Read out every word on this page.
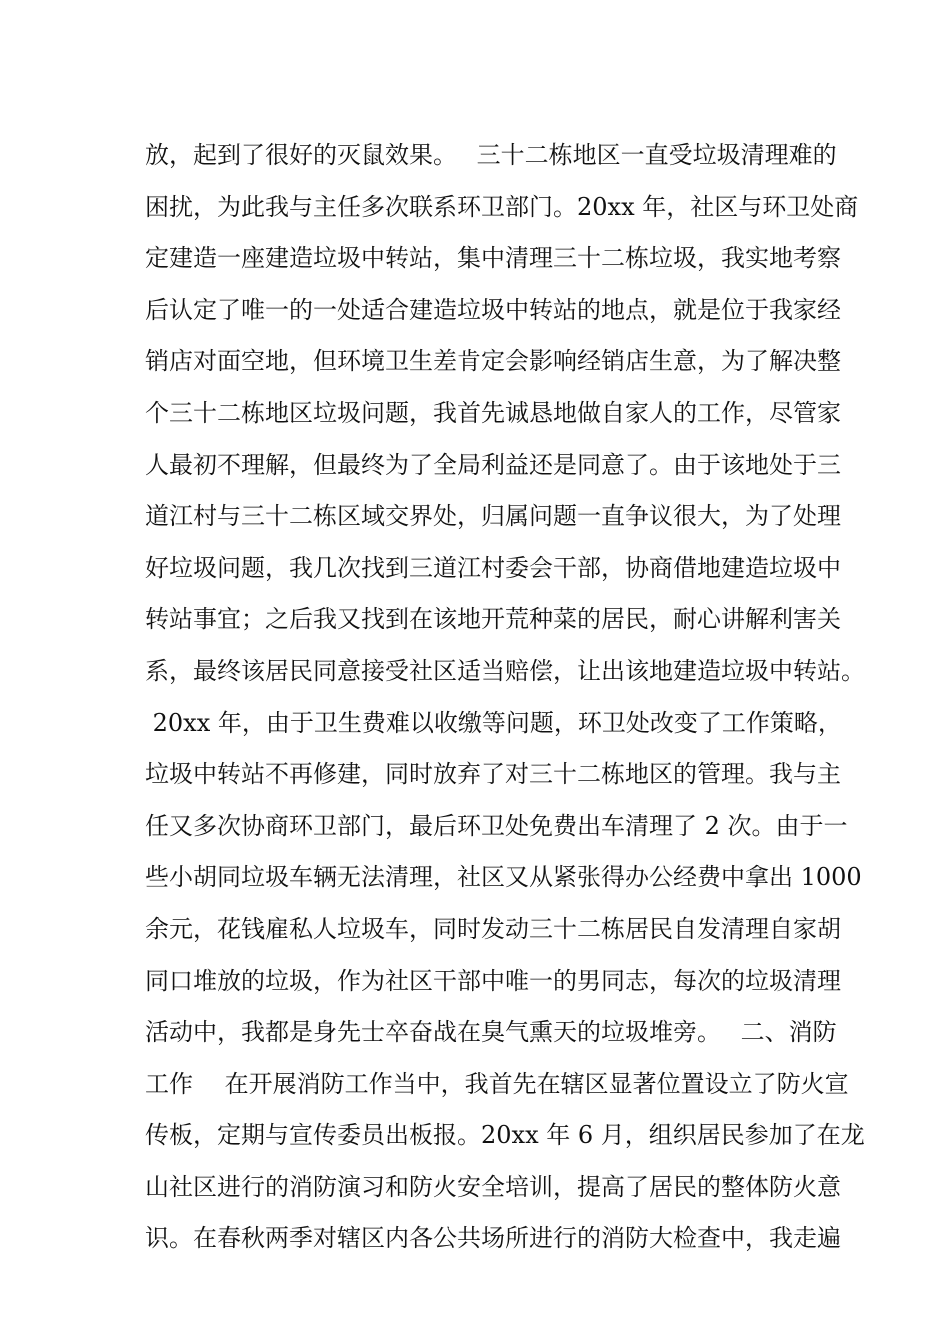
放，起到了很好的灭鼠效果。　 三十二栋地区一直受垃圾清理难的
困扰，为此我与主任多次联系环卫部门。20xx 年，社区与环卫处商
定建造一座建造垃圾中转站，集中清理三十二栋垃圾，我实地考察
后认定了唯一的一处适合建造垃圾中转站的地点，就是位于我家经
销店对面空地，但环境卫生差肯定会影响经销店生意，为了解决整
个三十二栋地区垃圾问题，我首先诚恳地做自家人的工作，尽管家
人最初不理解，但最终为了全局利益还是同意了。由于该地处于三
道江村与三十二栋区域交界处，归属问题一直争议很大，为了处理
好垃圾问题，我几次找到三道江村委会干部，协商借地建造垃圾中
转站事宜；之后我又找到在该地开荒种菜的居民，耐心讲解利害关
系，最终该居民同意接受社区适当赔偿，让出该地建造垃圾中转站。
20xx 年，由于卫生费难以收缴等问题，环卫处改变了工作策略，
垃圾中转站不再修建，同时放弃了对三十二栋地区的管理。我与主
任又多次协商环卫部门，最后环卫处免费出车清理了 2 次。由于一
些小胡同垃圾车辆无法清理，社区又从紧张得办公经费中拿出 1000
余元，花钱雇私人垃圾车，同时发动三十二栋居民自发清理自家胡
同口堆放的垃圾，作为社区干部中唯一的男同志，每次的垃圾清理
活动中，我都是身先士卒奋战在臭气熏天的垃圾堆旁。　 二、消防
工作　 在开展消防工作当中，我首先在辖区显著位置设立了防火宣
传板，定期与宣传委员出板报。20xx 年 6 月，组织居民参加了在龙
山社区进行的消防演习和防火安全培训，提高了居民的整体防火意
识。在春秋两季对辖区内各公共场所进行的消防大检查中，我走遍
